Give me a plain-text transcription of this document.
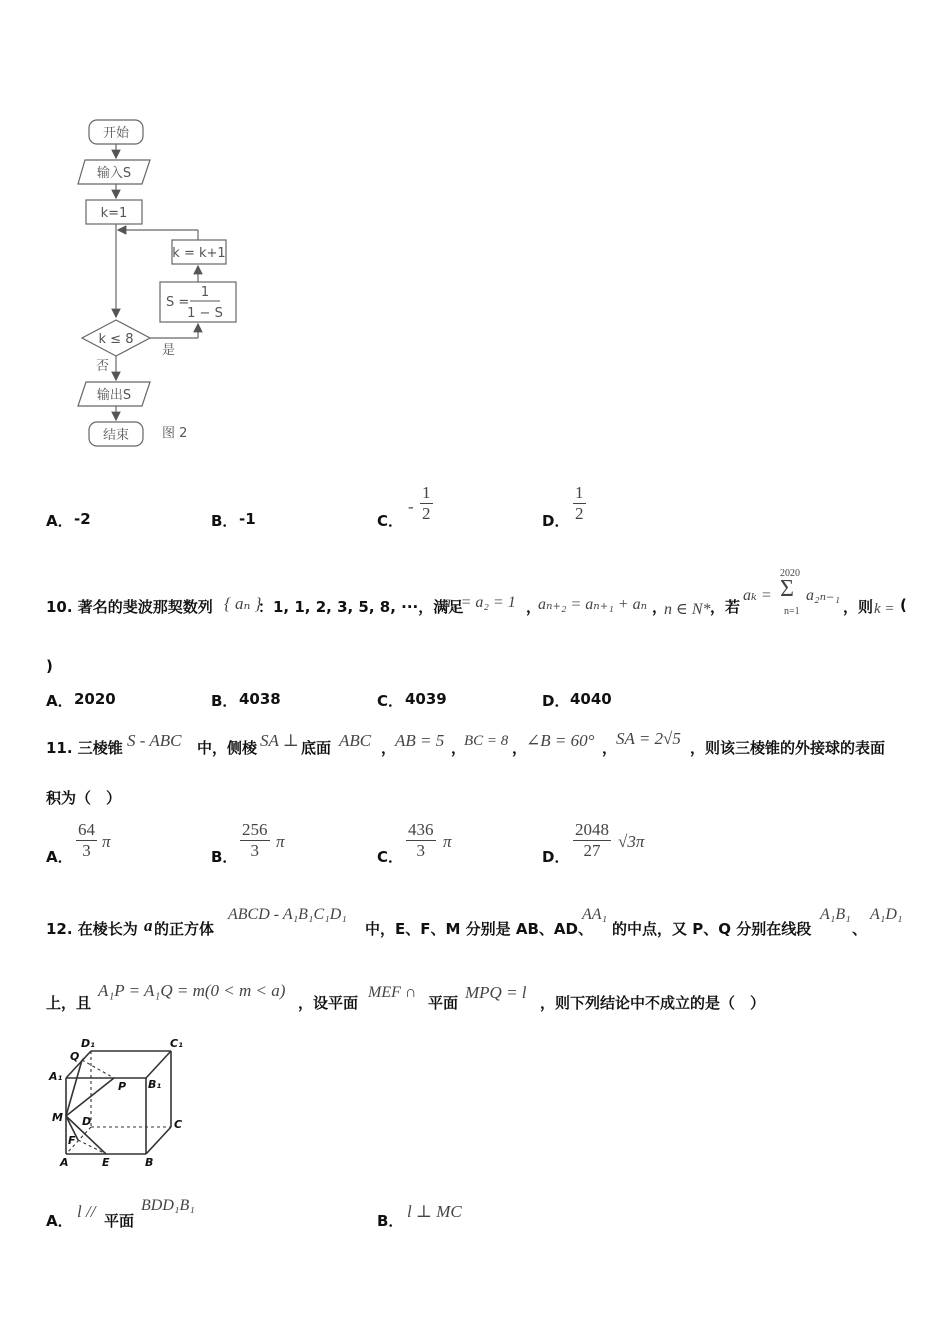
开始
输入S
k=1
k = k+1
S =
1
1 − S
k ≤ 8
是
否
输出S
结束	图 2
A． -2	B． -1	C．
-
1
2	D．
1
2
10. 著名的斐波那契数列 { aₙ }
：1, 1, 2, 3, 5, 8, ···，满足
a₁ = a₂ = 1 ，
aₙ₊₂ = aₙ₊₁ + aₙ ，
n ∈ N* ，若
aₖ =
2020
Σ
n=1
a₂ₙ₋₁
，则 k = (
)
A． 2020	B． 4038	C． 4039	D． 4040
11. 三棱锥 S - ABC 中，侧棱 SA ⊥ 底面 ABC ，
AB = 5 ，
BC = 8 ，
∠B = 60° ，
SA = 2√5 ，则该三棱锥的外接球的表面
积为（　）
A．
64
3 π
B．
256
3 π
C．
436
3 π
D．
2048
27 √3π
12. 在棱长为 a 的正方体
ABCD - A₁B₁C₁D₁
中，E、F、M 分别是 AB、AD、
AA₁
的中点，又 P、Q 分别在线段
A₁B₁
、
A₁D₁
上，且
A₁P = A₁Q = m(0 < m < a)
，设平面
MEF ∩
平面
MPQ = l
，则下列结论中不成立的是（　）
D₁	C₁
Q
A₁
P B₁
M D	C
F
A	E	B
A． l // 平面
BDD₁B₁
B． l ⊥ MC
